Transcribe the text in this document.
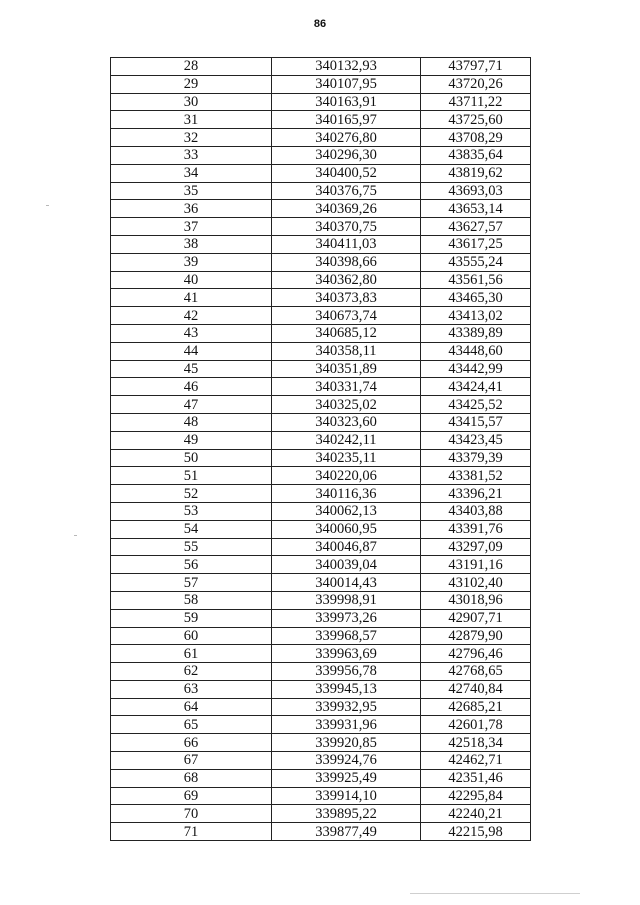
86
28	340132,93	43797,71
29	340107,95	43720,26
30	340163,91	43711,22
31	340165,97	43725,60
32	340276,80	43708,29
33	340296,30	43835,64
34	340400,52	43819,62
35	340376,75	43693,03
36	340369,26	43653,14
37	340370,75	43627,57
38	340411,03	43617,25
39	340398,66	43555,24
40	340362,80	43561,56
41	340373,83	43465,30
42	340673,74	43413,02
43	340685,12	43389,89
44	340358,11	43448,60
45	340351,89	43442,99
46	340331,74	43424,41
47	340325,02	43425,52
48	340323,60	43415,57
49	340242,11	43423,45
50	340235,11	43379,39
51	340220,06	43381,52
52	340116,36	43396,21
53	340062,13	43403,88
54	340060,95	43391,76
55	340046,87	43297,09
56	340039,04	43191,16
57	340014,43	43102,40
58	339998,91	43018,96
59	339973,26	42907,71
60	339968,57	42879,90
61	339963,69	42796,46
62	339956,78	42768,65
63	339945,13	42740,84
64	339932,95	42685,21
65	339931,96	42601,78
66	339920,85	42518,34
67	339924,76	42462,71
68	339925,49	42351,46
69	339914,10	42295,84
70	339895,22	42240,21
71	339877,49	42215,98
